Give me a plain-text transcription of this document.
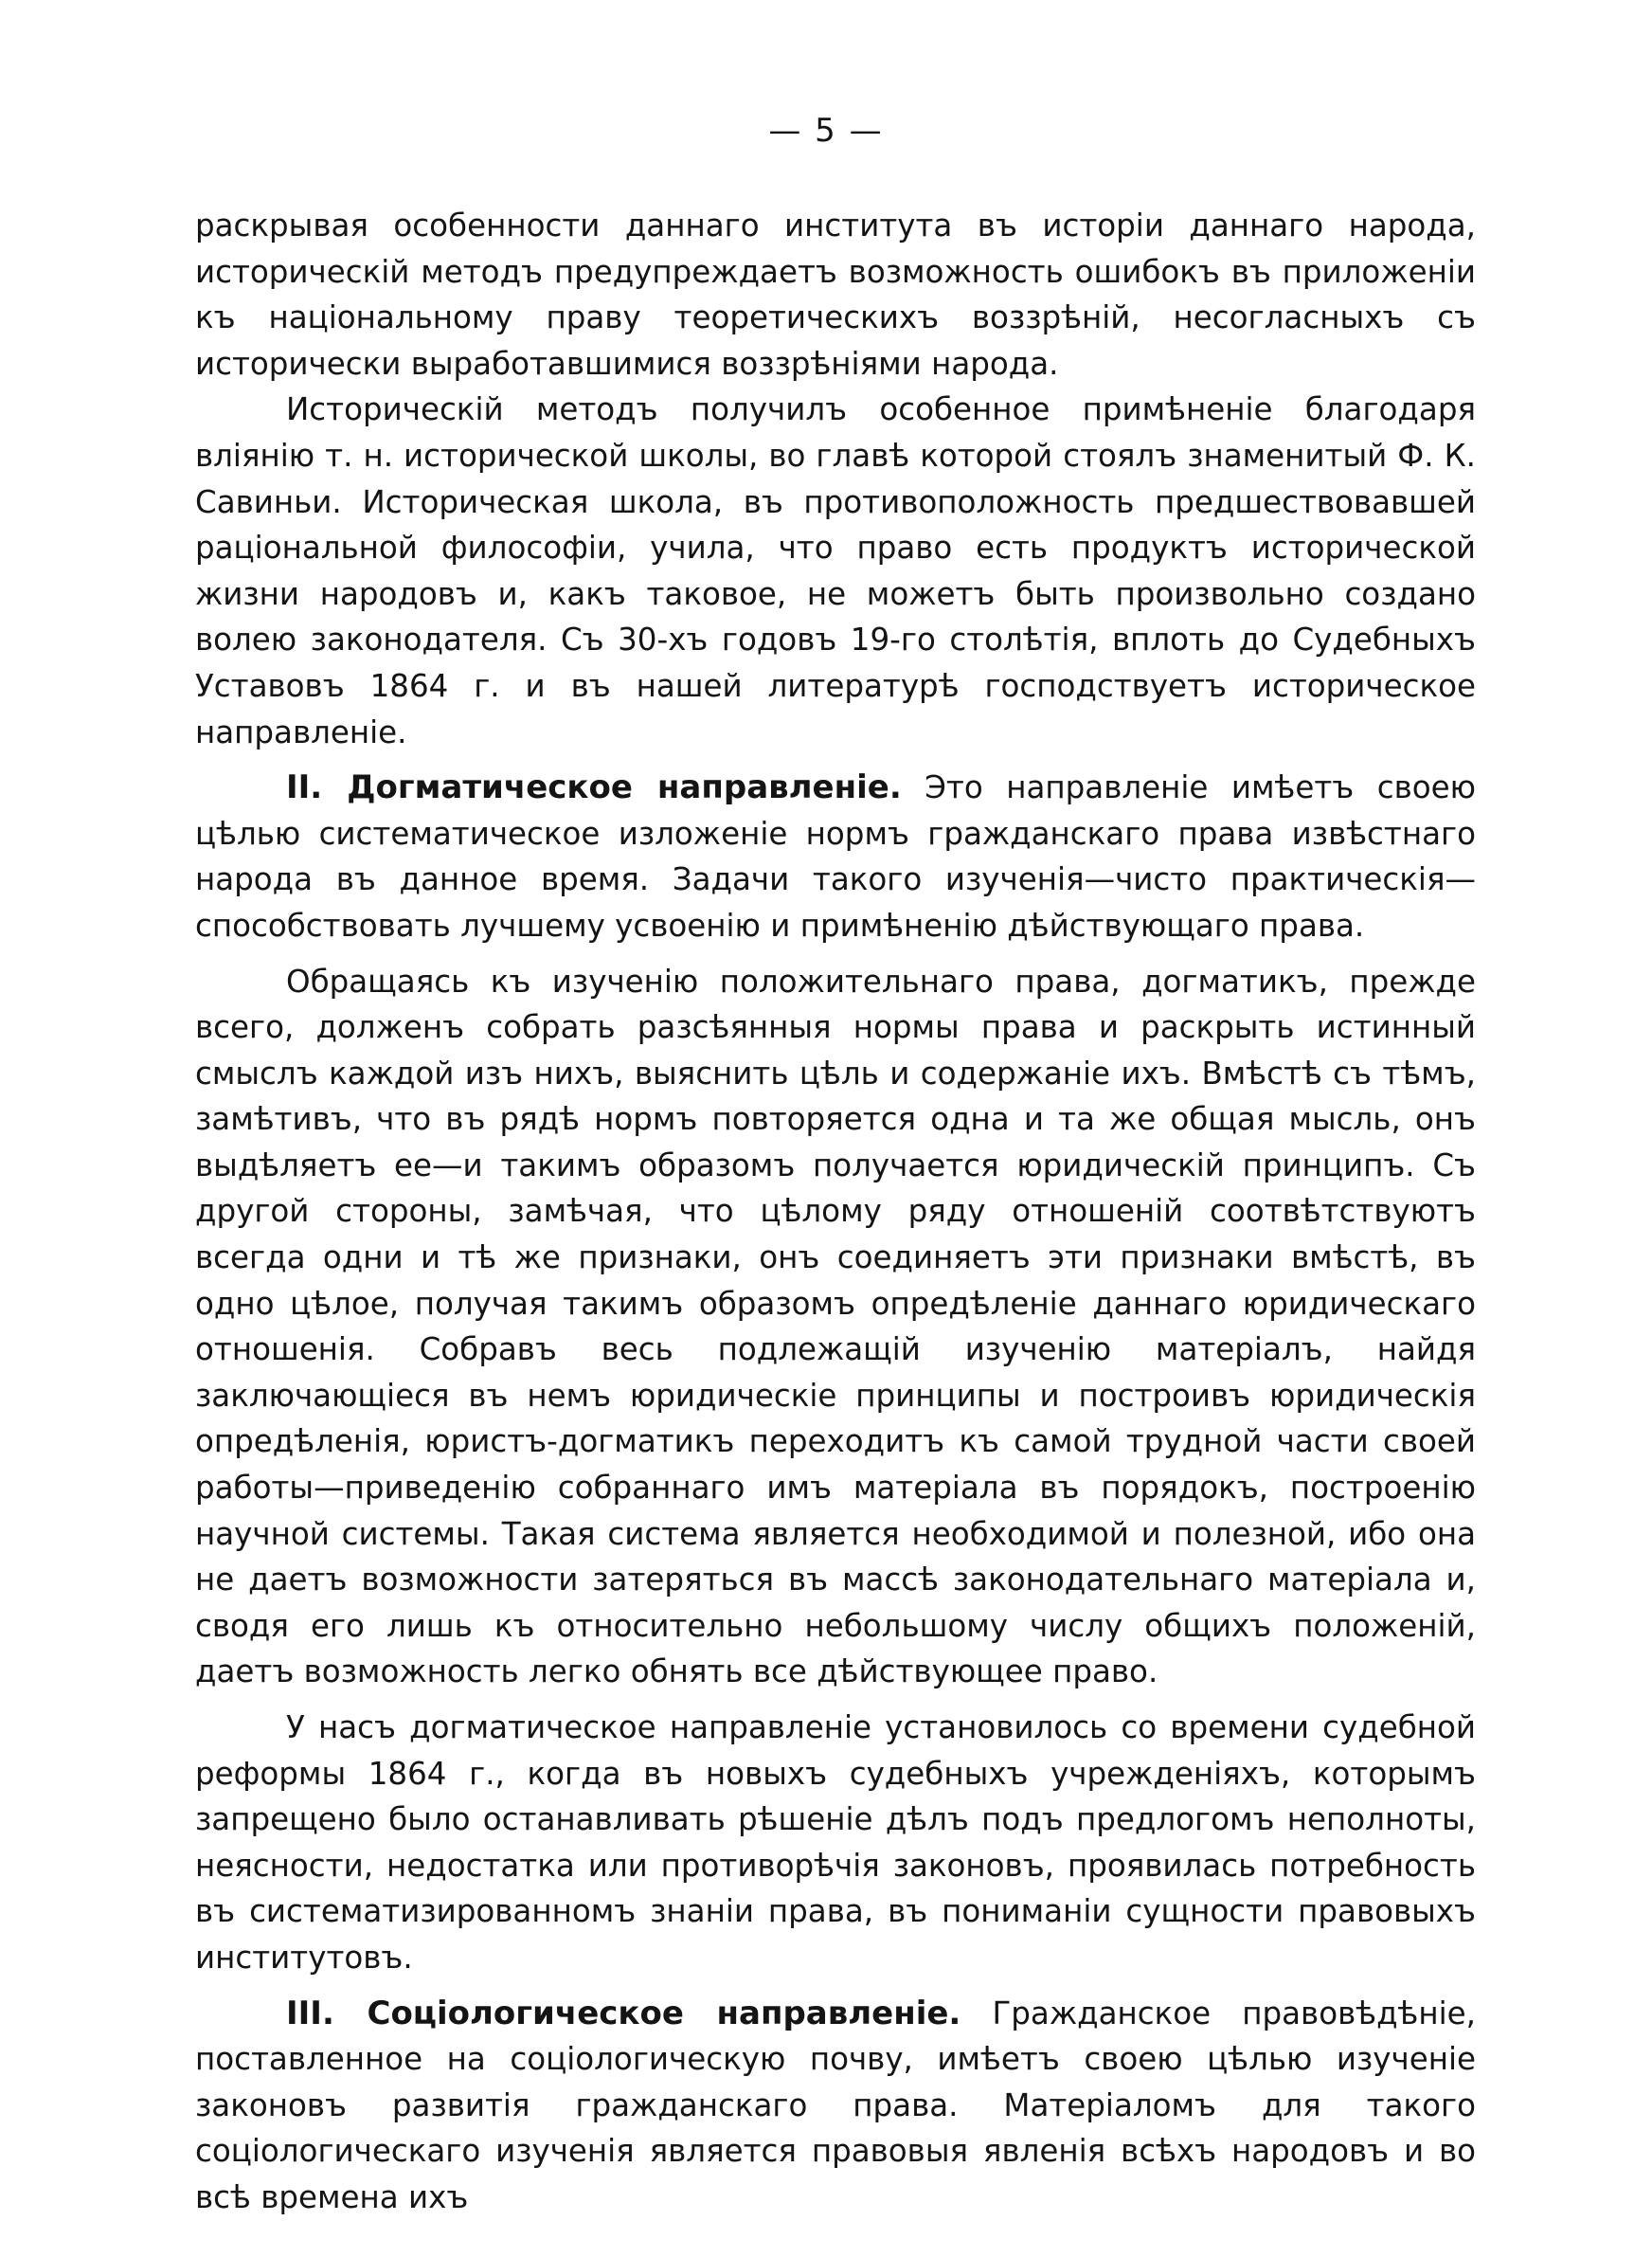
— 5 —

раскрывая особенности даннаго института въ исторіи даннаго народа, историческій методъ предупреждаетъ возможность ошибокъ въ приложеніи къ національному праву теоретическихъ воззрѣній, несогласныхъ съ исторически выработавшимися воззрѣніями народа.

Историческій методъ получилъ особенное примѣненіе благодаря вліянію т. н. исторической школы, во главѣ которой стоялъ знаменитый Ф. К. Савиньи. Историческая школа, въ противоположность предшествовавшей раціональной философіи, учила, что право есть продуктъ исторической жизни народовъ и, какъ таковое, не можетъ быть произвольно создано волею законодателя. Съ 30-хъ годовъ 19-го столѣтія, вплоть до Судебныхъ Уставовъ 1864 г. и въ нашей литературѣ господствуетъ историческое направленіе.

II. Догматическое направленіе. Это направленіе имѣетъ своею цѣлью систематическое изложеніе нормъ гражданскаго права извѣстнаго народа въ данное время. Задачи такого изученія—чисто практическія—способствовать лучшему усвоенію и примѣненію дѣйствующаго права.

Обращаясь къ изученію положительнаго права, догматикъ, прежде всего, долженъ собрать разсѣянныя нормы права и раскрыть истинный смыслъ каждой изъ нихъ, выяснить цѣль и содержаніе ихъ. Вмѣстѣ съ тѣмъ, замѣтивъ, что въ рядѣ нормъ повторяется одна и та же общая мысль, онъ выдѣляетъ ее—и такимъ образомъ получается юридическій принципъ. Съ другой стороны, замѣчая, что цѣлому ряду отношеній соотвѣтствуютъ всегда одни и тѣ же признаки, онъ соединяетъ эти признаки вмѣстѣ, въ одно цѣлое, получая такимъ образомъ опредѣленіе даннаго юридическаго отношенія. Собравъ весь подлежащій изученію матеріалъ, найдя заключающіеся въ немъ юридическіе принципы и построивъ юридическія опредѣленія, юристъ-догматикъ переходитъ къ самой трудной части своей работы—приведенію собраннаго имъ матеріала въ порядокъ, построенію научной системы. Такая система является необходимой и полезной, ибо она не даетъ возможности затеряться въ массѣ законодательнаго матеріала и, сводя его лишь къ относительно небольшому числу общихъ положеній, даетъ возможность легко обнять все дѣйствующее право.

У насъ догматическое направленіе установилось со времени судебной реформы 1864 г., когда въ новыхъ судебныхъ учрежденіяхъ, которымъ запрещено было останавливать рѣшеніе дѣлъ подъ предлогомъ неполноты, неясности, недостатка или противорѣчія законовъ, проявилась потребность въ систематизированномъ знаніи права, въ пониманіи сущности правовыхъ институтовъ.

III. Соціологическое направленіе. Гражданское правовѣдѣніе, поставленное на соціологическую почву, имѣетъ своею цѣлью изученіе законовъ развитія гражданскаго права. Матеріаломъ для такого соціологическаго изученія является правовыя явленія всѣхъ народовъ и во всѣ времена ихъ
